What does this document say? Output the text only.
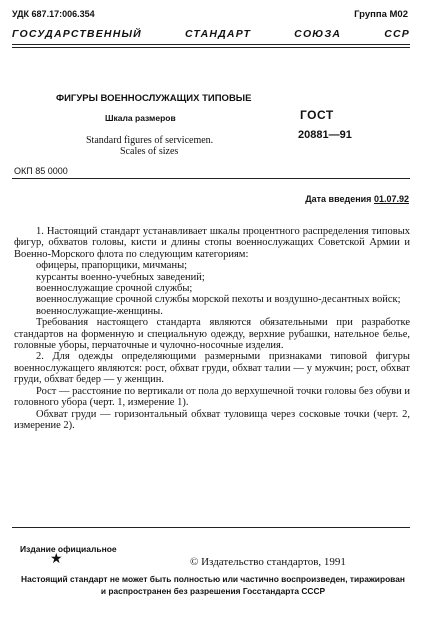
УДК 687.17:006.354	Группа М02
ГОСУДАРСТВЕННЫЙ СТАНДАРТ СОЮЗА ССР
ФИГУРЫ ВОЕННОСЛУЖАЩИХ ТИПОВЫЕ
Шкала размеров
Standard figures of servicemen.
Scales of sizes
ГОСТ
20881—91
ОКП 85 0000
Дата введения 01.07.92

1. Настоящий стандарт устанавливает шкалы процентного распределения типовых фигур, обхватов головы, кисти и длины стопы военнослужащих Советской Армии и Военно-Морского флота по следующим категориям:

офицеры, прапорщики, мичманы;

курсанты военно-учебных заведений;

военнослужащие срочной службы;

военнослужащие срочной службы морской пехоты и воздушно-десантных войск;

военнослужащие-женщины.

Требования настоящего стандарта являются обязательными при разработке стандартов на форменную и специальную одежду, верхние рубашки, нательное белье, головные уборы, перчаточные и чулочно-носочные изделия.

2. Для одежды определяющими размерными признаками типовой фигуры военнослужащего являются: рост, обхват груди, обхват талии — у мужчин; рост, обхват груди, обхват бедер — у женщин.

Рост — расстояние по вертикали от пола до верхушечной точки головы без обуви и головного убора (черт. 1, измерение 1).

Обхват груди — горизонтальный обхват туловища через сосковые точки (черт. 2, измерение 2).

Издание официальное
★	© Издательство стандартов, 1991
Настоящий стандарт не может быть полностью или частично воспроизведен, тиражирован и распространен без разрешения Госстандарта СССР
